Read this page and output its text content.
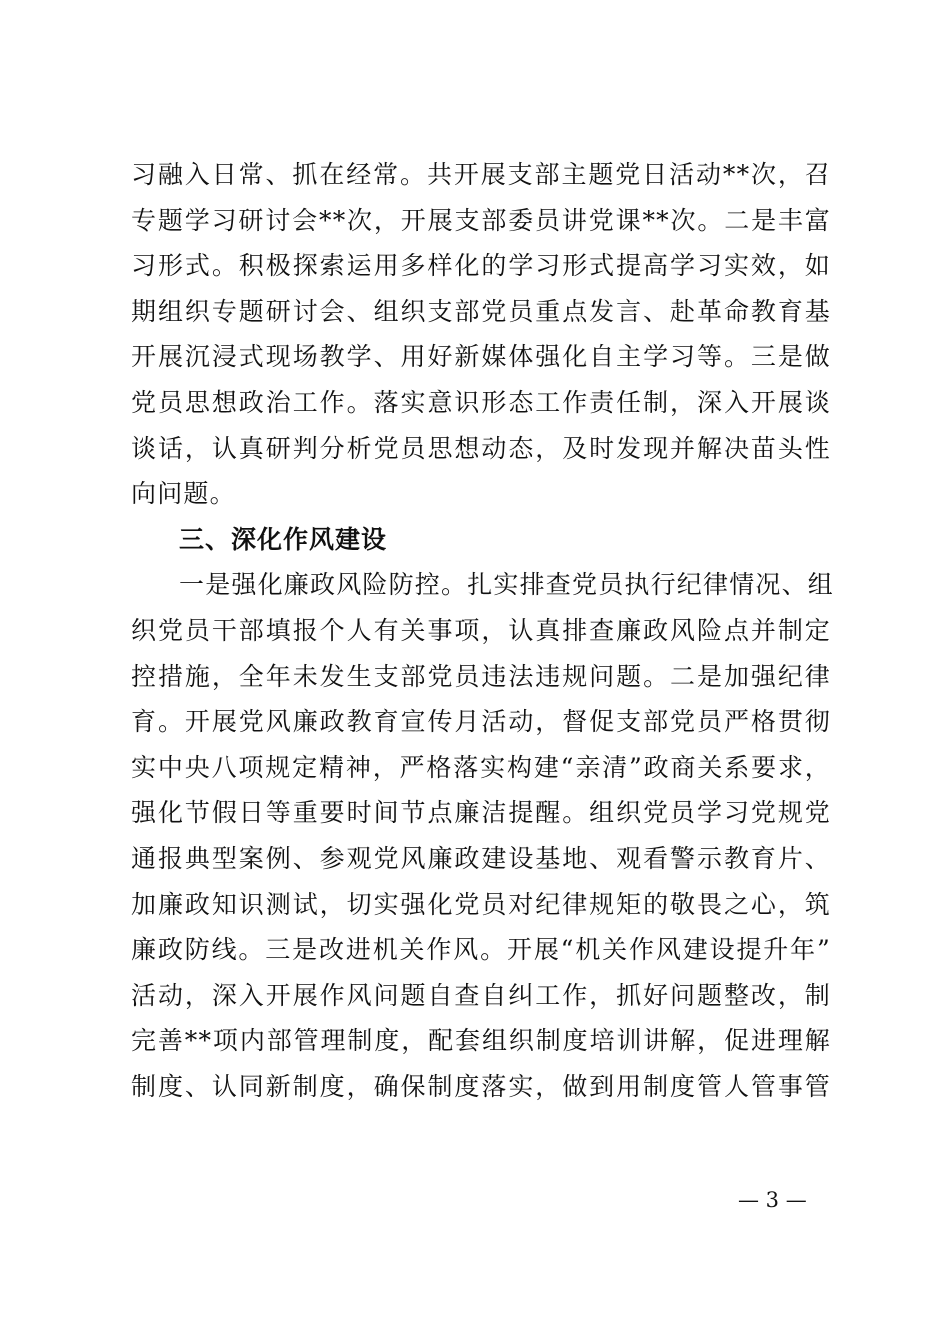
习融入日常、抓在经常。共开展支部主题党日活动**次，召
专题学习研讨会**次，开展支部委员讲党课**次。二是丰富
习形式。积极探索运用多样化的学习形式提高学习实效，如
期组织专题研讨会、组织支部党员重点发言、赴革命教育基
开展沉浸式现场教学、用好新媒体强化自主学习等。三是做
党员思想政治工作。落实意识形态工作责任制，深入开展谈
谈话，认真研判分析党员思想动态，及时发现并解决苗头性
向问题。
三、深化作风建设
一是强化廉政风险防控。扎实排查党员执行纪律情况、组
织党员干部填报个人有关事项，认真排查廉政风险点并制定
控措施，全年未发生支部党员违法违规问题。二是加强纪律
育。开展党风廉政教育宣传月活动，督促支部党员严格贯彻
实中央八项规定精神，严格落实构建“亲清”政商关系要求，
强化节假日等重要时间节点廉洁提醒。组织党员学习党规党
通报典型案例、参观党风廉政建设基地、观看警示教育片、
加廉政知识测试，切实强化党员对纪律规矩的敬畏之心，筑
廉政防线。三是改进机关作风。开展“机关作风建设提升年”
活动，深入开展作风问题自查自纠工作，抓好问题整改，制
完善**项内部管理制度，配套组织制度培训讲解，促进理解
制度、认同新制度，确保制度落实，做到用制度管人管事管
— 3 —
